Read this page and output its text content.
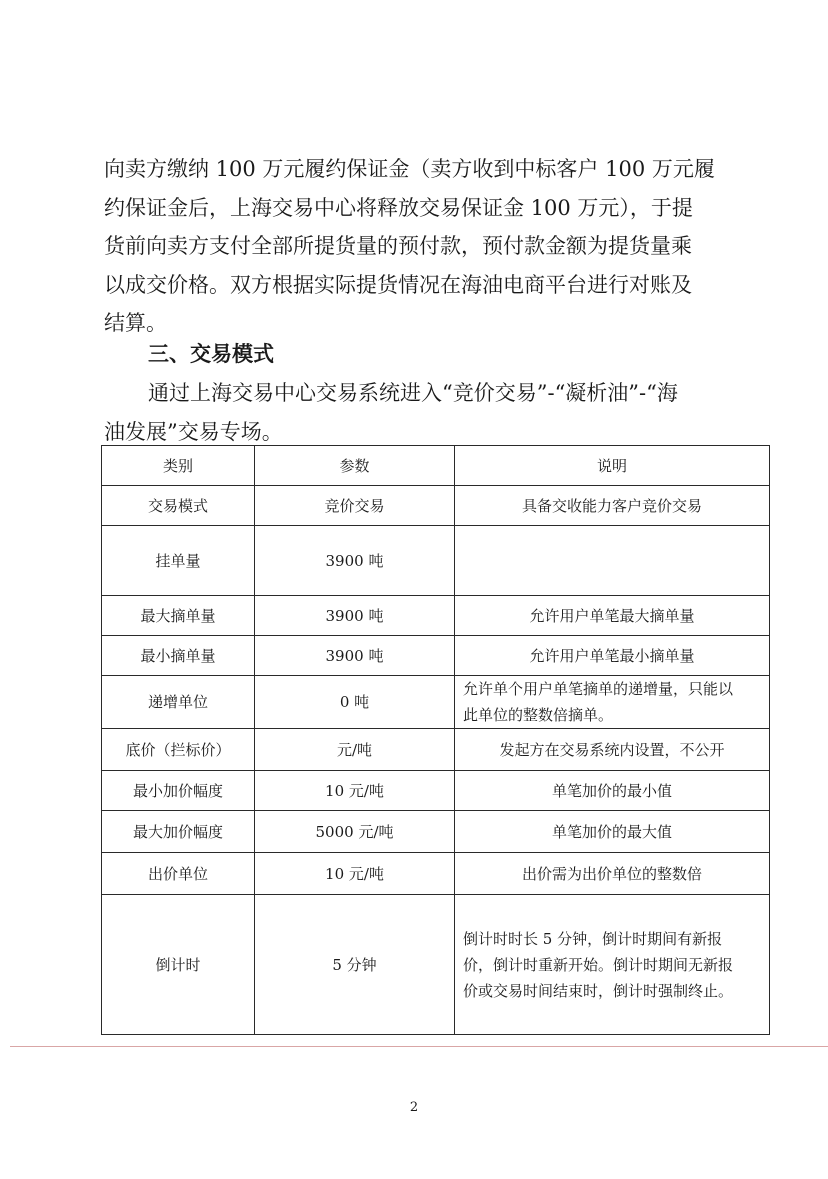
向卖方缴纳 100 万元履约保证金（卖方收到中标客户 100 万元履

约保证金后，上海交易中心将释放交易保证金 100 万元），于提

货前向卖方支付全部所提货量的预付款，预付款金额为提货量乘

以成交价格。双方根据实际提货情况在海油电商平台进行对账及

结算。

三、交易模式

通过上海交易中心交易系统进入“竞价交易”-“凝析油”-“海

油发展”交易专场。

类别	参数	说明
交易模式	竞价交易	具备交收能力客户竞价交易

挂单量	3900 吨	
最大摘单量	3900 吨	允许用户单笔最大摘单量

最小摘单量	3900 吨	允许用户单笔最小摘单量

递增单位	0 吨	允许单个用户单笔摘单的递增量，只能以
此单位的整数倍摘单。

底价（拦标价）	元/吨	发起方在交易系统内设置，不公开

最小加价幅度	10 元/吨	单笔加价的最小值

最大加价幅度	5000 元/吨	单笔加价的最大值

出价单位	10 元/吨	出价需为出价单位的整数倍

倒计时	5 分钟	倒计时时长 5 分钟，倒计时期间有新报
价，倒计时重新开始。倒计时期间无新报
价或交易时间结束时，倒计时强制终止。
2
